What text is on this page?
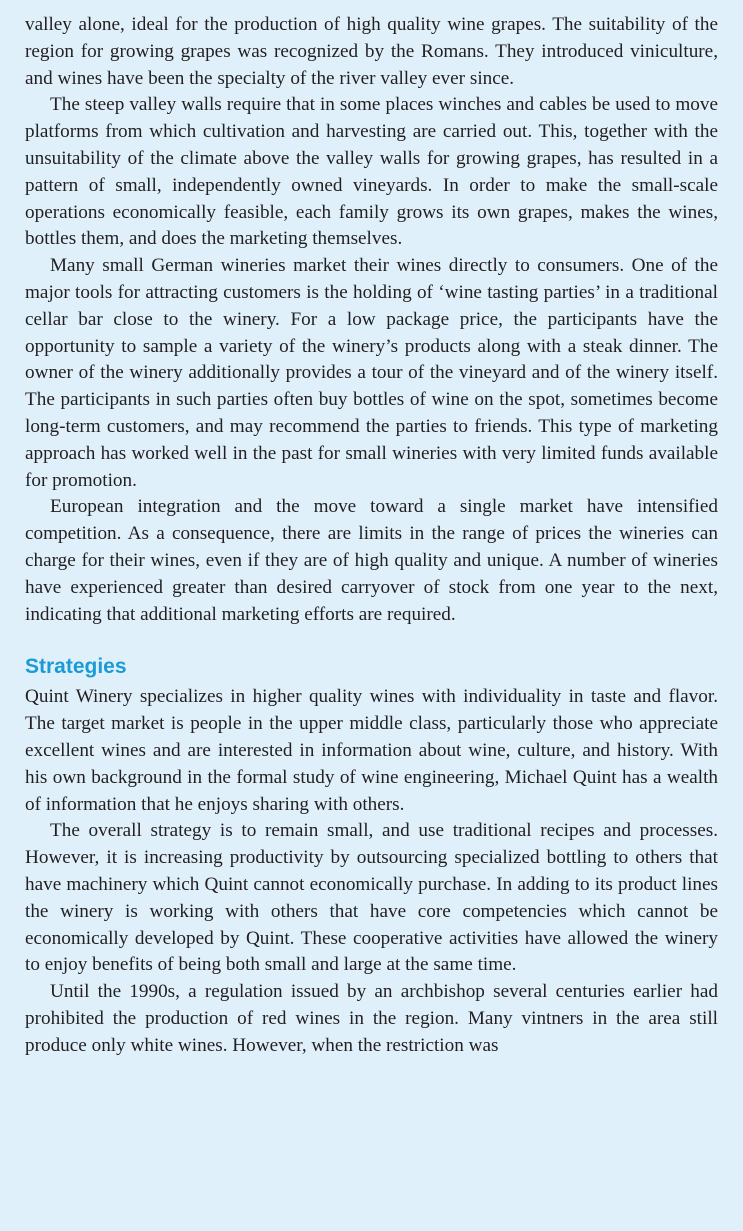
valley alone, ideal for the production of high quality wine grapes. The suitability of the region for growing grapes was recognized by the Romans. They introduced viniculture, and wines have been the specialty of the river valley ever since.

The steep valley walls require that in some places winches and cables be used to move platforms from which cultivation and harvesting are carried out. This, together with the unsuitability of the climate above the valley walls for growing grapes, has resulted in a pattern of small, independently owned vineyards. In order to make the small-scale operations economically feasible, each family grows its own grapes, makes the wines, bottles them, and does the marketing themselves.

Many small German wineries market their wines directly to consumers. One of the major tools for attracting customers is the holding of ‘wine tasting parties’ in a traditional cellar bar close to the winery. For a low package price, the participants have the opportunity to sample a variety of the winery’s products along with a steak dinner. The owner of the winery additionally provides a tour of the vineyard and of the winery itself. The participants in such parties often buy bottles of wine on the spot, sometimes become long-term customers, and may recommend the parties to friends. This type of marketing approach has worked well in the past for small wineries with very limited funds available for promotion.

European integration and the move toward a single market have intensified competition. As a consequence, there are limits in the range of prices the wineries can charge for their wines, even if they are of high quality and unique. A number of wineries have experienced greater than desired carryover of stock from one year to the next, indicating that additional marketing efforts are required.

Strategies

Quint Winery specializes in higher quality wines with individuality in taste and flavor. The target market is people in the upper middle class, particularly those who appreciate excellent wines and are interested in information about wine, culture, and history. With his own background in the formal study of wine engineering, Michael Quint has a wealth of information that he enjoys sharing with others.

The overall strategy is to remain small, and use traditional recipes and processes. However, it is increasing productivity by outsourcing specialized bottling to others that have machinery which Quint cannot economically purchase. In adding to its product lines the winery is working with others that have core competencies which cannot be economically developed by Quint. These cooperative activities have allowed the winery to enjoy benefits of being both small and large at the same time.

Until the 1990s, a regulation issued by an archbishop several centuries earlier had prohibited the production of red wines in the region. Many vintners in the area still produce only white wines. However, when the restriction was
